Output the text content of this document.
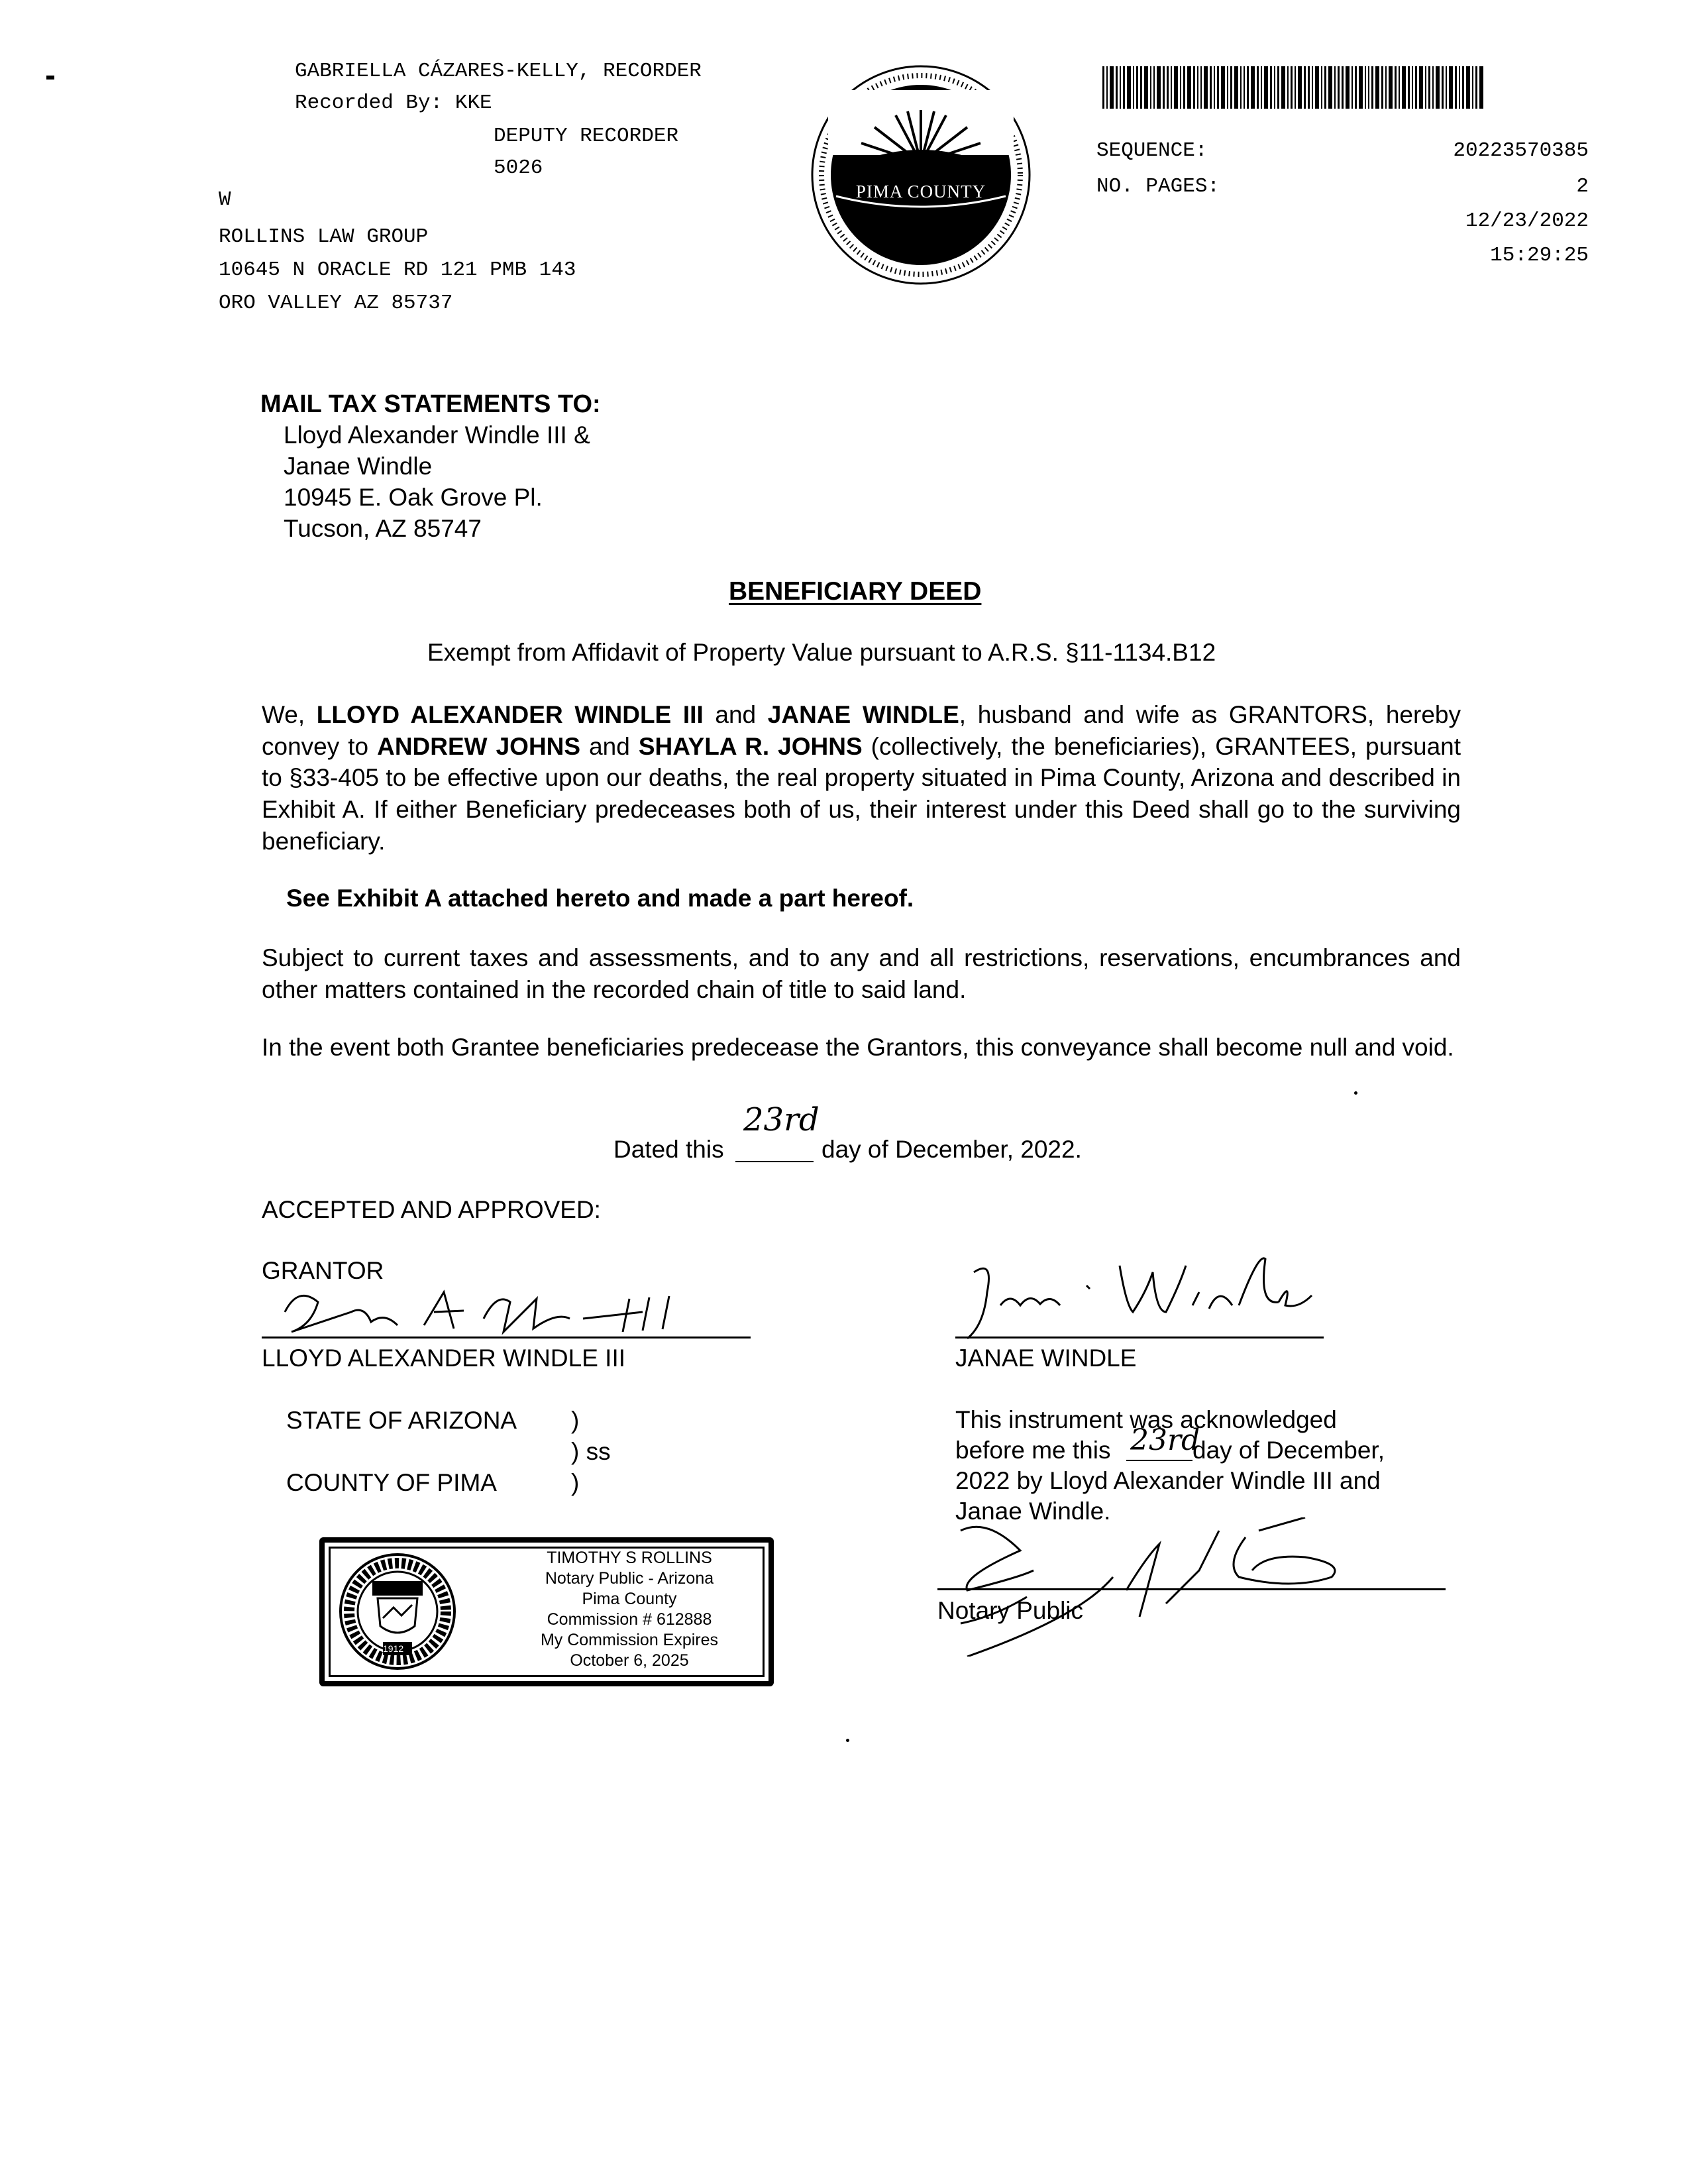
GABRIELLA CÁZARES-KELLY, RECORDER
Recorded By: KKE
DEPUTY RECORDER
5026
W
ROLLINS LAW GROUP
10645 N ORACLE RD 121 PMB 143
ORO VALLEY AZ 85737
PIMA COUNTY
SEQUENCE:	20223570385
NO. PAGES:	2
12/23/2022
15:29:25
MAIL TAX STATEMENTS TO:
Lloyd Alexander Windle III &
Janae Windle
10945 E. Oak Grove Pl.
Tucson, AZ 85747
BENEFICIARY DEED
Exempt from Affidavit of Property Value pursuant to A.R.S. §11-1134.B12
We, LLOYD ALEXANDER WINDLE III and JANAE WINDLE, husband and wife as GRANTORS, hereby convey to ANDREW JOHNS and SHAYLA R. JOHNS (collectively, the beneficiaries), GRANTEES, pursuant to §33-405 to be effective upon our deaths, the real property situated in Pima County, Arizona and described in Exhibit A. If either Beneficiary predeceases both of us, their interest under this Deed shall go to the surviving beneficiary.
See Exhibit A attached hereto and made a part hereof.
Subject to current taxes and assessments, and to any and all restrictions, reservations, encumbrances and other matters contained in the recorded chain of title to said land.
In the event both Grantee beneficiaries predecease the Grantors, this conveyance shall become null and void.
Dated this
23rd
day of December, 2022.
ACCEPTED AND APPROVED:
GRANTOR
LLOYD ALEXANDER WINDLE III	JANAE WINDLE
STATE OF ARIZONA )
) ss
COUNTY OF PIMA	)
This instrument was acknowledged
before me this 23rd
day of December,
2022 by Lloyd Alexander Windle III and
Janae Windle.
Notary Public
1912
TIMOTHY S ROLLINS
Notary Public - Arizona
Pima County
Commission # 612888
My Commission Expires
October 6, 2025
